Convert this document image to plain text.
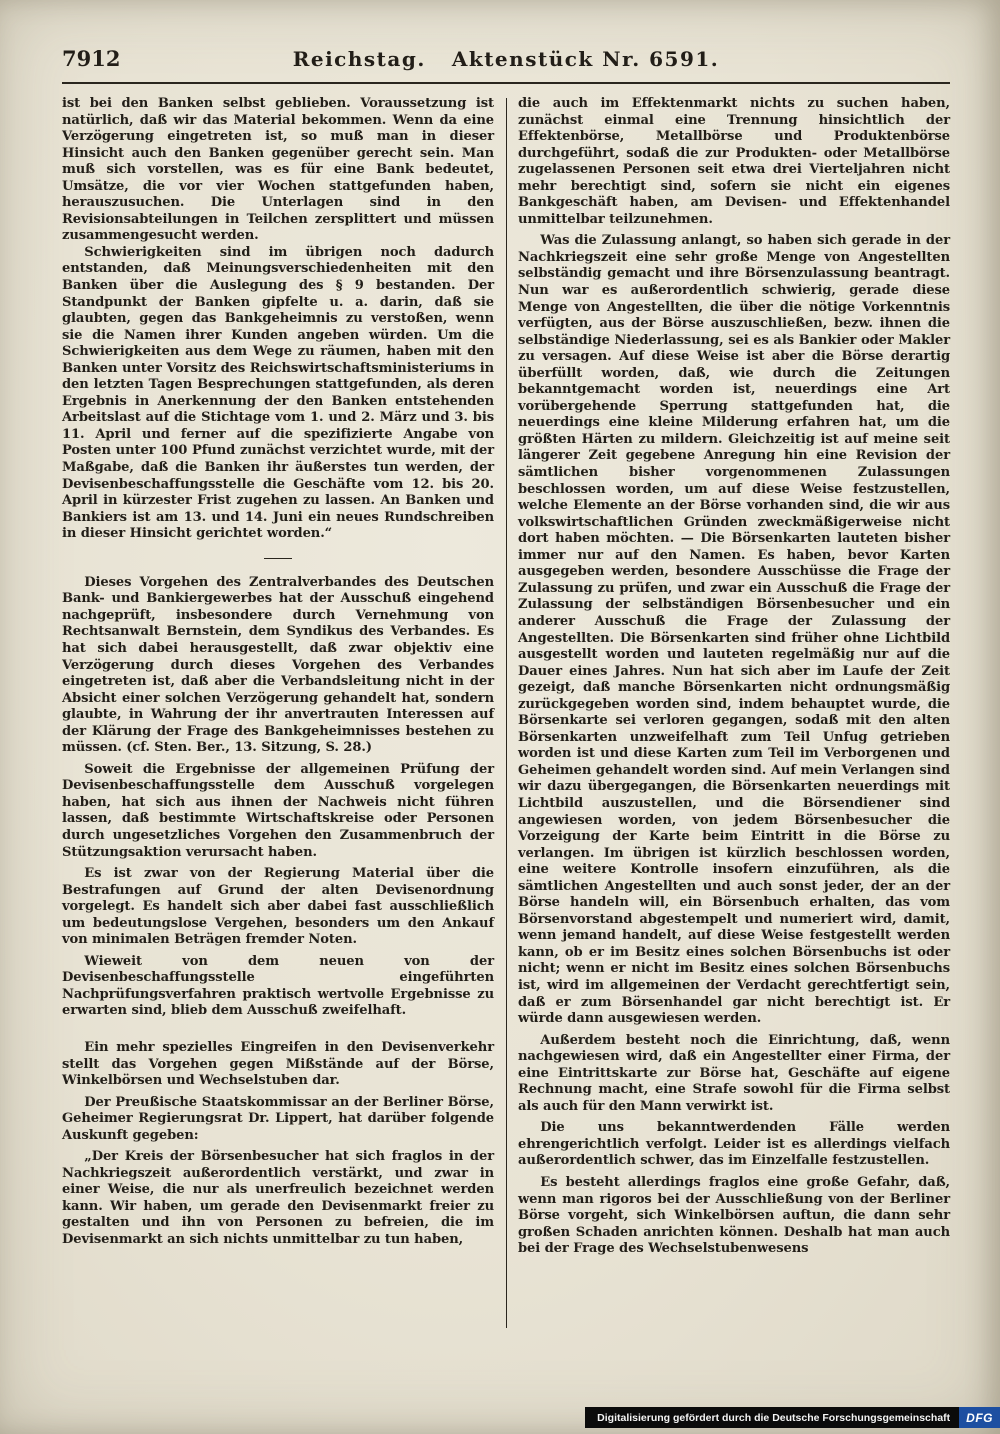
7912	Reichstag. Aktenstück Nr. 6591.

ist bei den Banken selbst geblieben. Voraussetzung ist natürlich, daß wir das Material bekommen. Wenn da eine Verzögerung eingetreten ist, so muß man in dieser Hinsicht auch den Banken gegenüber gerecht sein. Man muß sich vorstellen, was es für eine Bank bedeutet, Umsätze, die vor vier Wochen stattgefunden haben, herauszusuchen. Die Unterlagen sind in den Revisionsabteilungen in Teilchen zersplittert und müssen zusammengesucht werden.

Schwierigkeiten sind im übrigen noch dadurch entstanden, daß Meinungsverschiedenheiten mit den Banken über die Auslegung des § 9 bestanden. Der Standpunkt der Banken gipfelte u. a. darin, daß sie glaubten, gegen das Bankgeheimnis zu verstoßen, wenn sie die Namen ihrer Kunden angeben würden. Um die Schwierigkeiten aus dem Wege zu räumen, haben mit den Banken unter Vorsitz des Reichswirtschaftsministeriums in den letzten Tagen Besprechungen stattgefunden, als deren Ergebnis in Anerkennung der den Banken entstehenden Arbeitslast auf die Stichtage vom 1. und 2. März und 3. bis 11. April und ferner auf die spezifizierte Angabe von Posten unter 100 Pfund zunächst verzichtet wurde, mit der Maßgabe, daß die Banken ihr äußerstes tun werden, der Devisenbeschaffungsstelle die Geschäfte vom 12. bis 20. April in kürzester Frist zugehen zu lassen. An Banken und Bankiers ist am 13. und 14. Juni ein neues Rundschreiben in dieser Hinsicht gerichtet worden.“

Dieses Vorgehen des Zentralverbandes des Deutschen Bank- und Bankiergewerbes hat der Ausschuß eingehend nachgeprüft, insbesondere durch Vernehmung von Rechtsanwalt Bernstein, dem Syndikus des Verbandes. Es hat sich dabei herausgestellt, daß zwar objektiv eine Verzögerung durch dieses Vorgehen des Verbandes eingetreten ist, daß aber die Verbandsleitung nicht in der Absicht einer solchen Verzögerung gehandelt hat, sondern glaubte, in Wahrung der ihr anvertrauten Interessen auf der Klärung der Frage des Bankgeheimnisses bestehen zu müssen. (cf. Sten. Ber., 13. Sitzung, S. 28.)

Soweit die Ergebnisse der allgemeinen Prüfung der Devisenbeschaffungsstelle dem Ausschuß vorgelegen haben, hat sich aus ihnen der Nachweis nicht führen lassen, daß bestimmte Wirtschaftskreise oder Personen durch ungesetzliches Vorgehen den Zusammenbruch der Stützungsaktion verursacht haben.

Es ist zwar von der Regierung Material über die Bestrafungen auf Grund der alten Devisenordnung vorgelegt. Es handelt sich aber dabei fast ausschließlich um bedeutungslose Vergehen, besonders um den Ankauf von minimalen Beträgen fremder Noten.

Wieweit von dem neuen von der Devisenbeschaffungsstelle eingeführten Nachprüfungsverfahren praktisch wertvolle Ergebnisse zu erwarten sind, blieb dem Ausschuß zweifelhaft.

Ein mehr spezielles Eingreifen in den Devisenverkehr stellt das Vorgehen gegen Mißstände auf der Börse, Winkelbörsen und Wechselstuben dar.

Der Preußische Staatskommissar an der Berliner Börse, Geheimer Regierungsrat Dr. Lippert, hat darüber folgende Auskunft gegeben:

„Der Kreis der Börsenbesucher hat sich fraglos in der Nachkriegszeit außerordentlich verstärkt, und zwar in einer Weise, die nur als unerfreulich bezeichnet werden kann. Wir haben, um gerade den Devisenmarkt freier zu gestalten und ihn von Personen zu befreien, die im Devisenmarkt an sich nichts unmittelbar zu tun haben,

die auch im Effektenmarkt nichts zu suchen haben, zunächst einmal eine Trennung hinsichtlich der Effektenbörse, Metallbörse und Produktenbörse durchgeführt, sodaß die zur Produkten- oder Metallbörse zugelassenen Personen seit etwa drei Vierteljahren nicht mehr berechtigt sind, sofern sie nicht ein eigenes Bankgeschäft haben, am Devisen- und Effektenhandel unmittelbar teilzunehmen.

Was die Zulassung anlangt, so haben sich gerade in der Nachkriegszeit eine sehr große Menge von Angestellten selbständig gemacht und ihre Börsenzulassung beantragt. Nun war es außerordentlich schwierig, gerade diese Menge von Angestellten, die über die nötige Vorkenntnis verfügten, aus der Börse auszuschließen, bezw. ihnen die selbständige Niederlassung, sei es als Bankier oder Makler zu versagen. Auf diese Weise ist aber die Börse derartig überfüllt worden, daß, wie durch die Zeitungen bekanntgemacht worden ist, neuerdings eine Art vorübergehende Sperrung stattgefunden hat, die neuerdings eine kleine Milderung erfahren hat, um die größten Härten zu mildern. Gleichzeitig ist auf meine seit längerer Zeit gegebene Anregung hin eine Revision der sämtlichen bisher vorgenommenen Zulassungen beschlossen worden, um auf diese Weise festzustellen, welche Elemente an der Börse vorhanden sind, die wir aus volkswirtschaftlichen Gründen zweckmäßigerweise nicht dort haben möchten. — Die Börsenkarten lauteten bisher immer nur auf den Namen. Es haben, bevor Karten ausgegeben werden, besondere Ausschüsse die Frage der Zulassung zu prüfen, und zwar ein Ausschuß die Frage der Zulassung der selbständigen Börsenbesucher und ein anderer Ausschuß die Frage der Zulassung der Angestellten. Die Börsenkarten sind früher ohne Lichtbild ausgestellt worden und lauteten regelmäßig nur auf die Dauer eines Jahres. Nun hat sich aber im Laufe der Zeit gezeigt, daß manche Börsenkarten nicht ordnungsmäßig zurückgegeben worden sind, indem behauptet wurde, die Börsenkarte sei verloren gegangen, sodaß mit den alten Börsenkarten unzweifelhaft zum Teil Unfug getrieben worden ist und diese Karten zum Teil im Verborgenen und Geheimen gehandelt worden sind. Auf mein Verlangen sind wir dazu übergegangen, die Börsenkarten neuerdings mit Lichtbild auszustellen, und die Börsendiener sind angewiesen worden, von jedem Börsenbesucher die Vorzeigung der Karte beim Eintritt in die Börse zu verlangen. Im übrigen ist kürzlich beschlossen worden, eine weitere Kontrolle insofern einzuführen, als die sämtlichen Angestellten und auch sonst jeder, der an der Börse handeln will, ein Börsenbuch erhalten, das vom Börsenvorstand abgestempelt und numeriert wird, damit, wenn jemand handelt, auf diese Weise festgestellt werden kann, ob er im Besitz eines solchen Börsenbuchs ist oder nicht; wenn er nicht im Besitz eines solchen Börsenbuchs ist, wird im allgemeinen der Verdacht gerechtfertigt sein, daß er zum Börsenhandel gar nicht berechtigt ist. Er würde dann ausgewiesen werden.

Außerdem besteht noch die Einrichtung, daß, wenn nachgewiesen wird, daß ein Angestellter einer Firma, der eine Eintrittskarte zur Börse hat, Geschäfte auf eigene Rechnung macht, eine Strafe sowohl für die Firma selbst als auch für den Mann verwirkt ist.

Die uns bekanntwerdenden Fälle werden ehrengerichtlich verfolgt. Leider ist es allerdings vielfach außerordentlich schwer, das im Einzelfalle festzustellen.

Es besteht allerdings fraglos eine große Gefahr, daß, wenn man rigoros bei der Ausschließung von der Berliner Börse vorgeht, sich Winkelbörsen auftun, die dann sehr großen Schaden anrichten können. Deshalb hat man auch bei der Frage des Wechselstubenwesens

Digitalisierung gefördert durch die Deutsche Forschungsgemeinschaft	DFG
